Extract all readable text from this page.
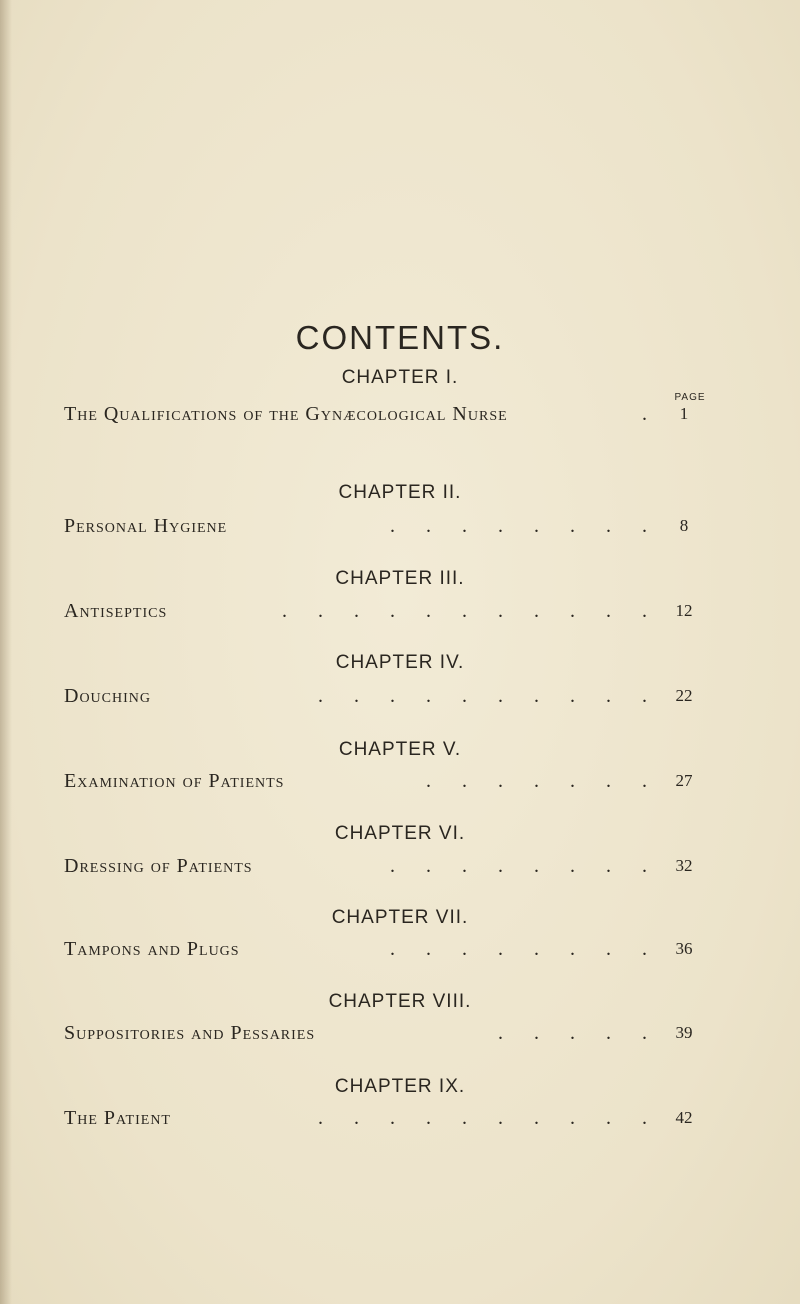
CONTENTS.
PAGE
CHAPTER I.
The Qualifications of the Gynæcological Nurse	.	1
CHAPTER II.
Personal Hygiene	. . . . . . . .	8
CHAPTER III.
Antiseptics	. . . . . . . . . . . 12
CHAPTER IV.
Douching	. . . . . . . . . . 22
CHAPTER V.
Examination of Patients	. . . . . . . 27
CHAPTER VI.
Dressing of Patients	. . . . . . . . 32
CHAPTER VII.
Tampons and Plugs	. . . . . . . . 36
CHAPTER VIII.
Suppositories and Pessaries	. . . . . 39
CHAPTER IX.
The Patient	. . . . . . . . . . 42
